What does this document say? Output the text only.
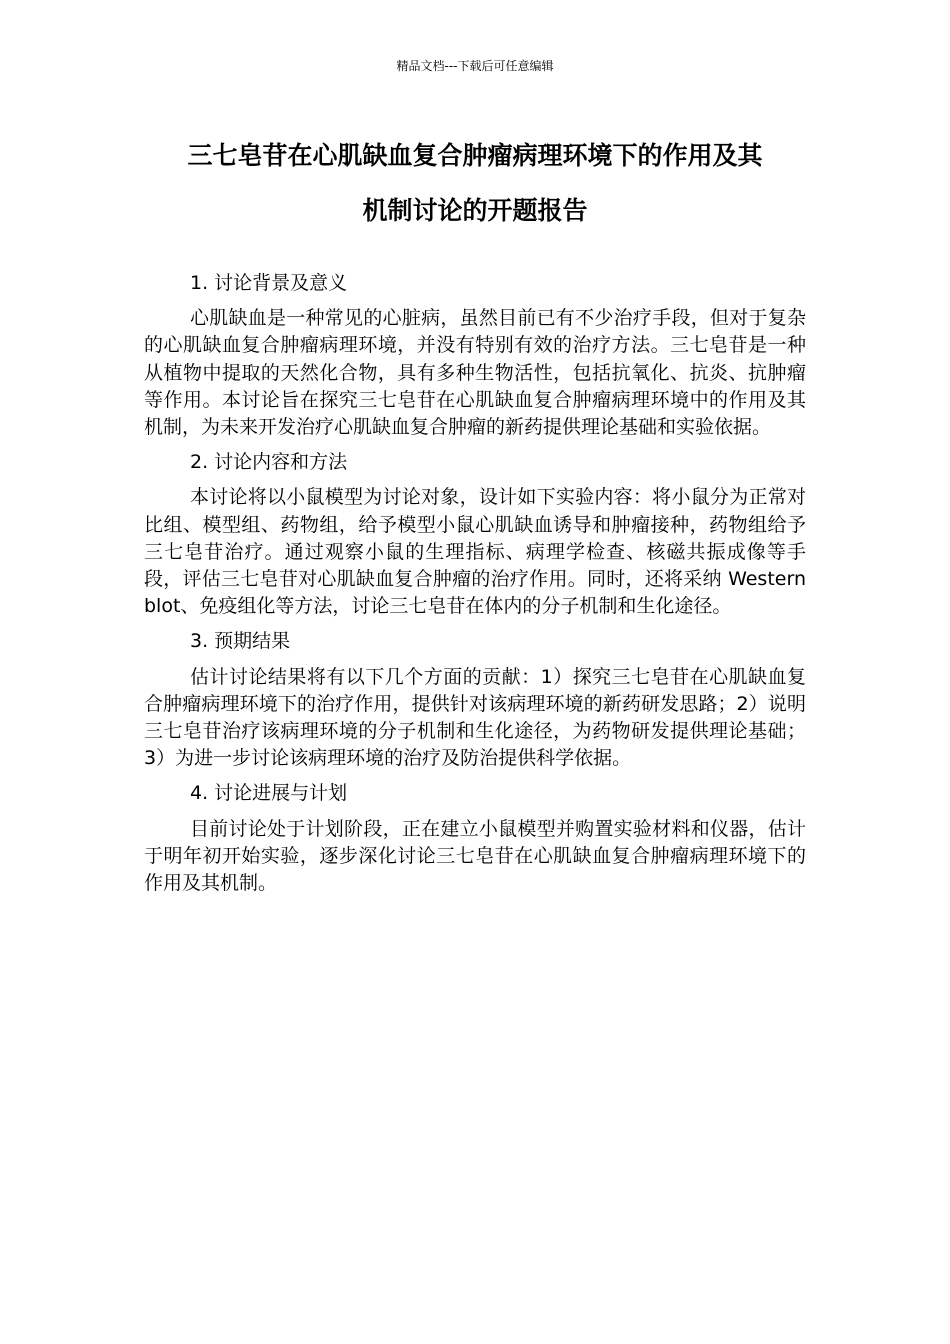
精品文档---下载后可任意编辑
三七皂苷在心肌缺血复合肿瘤病理环境下的作用及其
机制讨论的开题报告
1. 讨论背景及意义

心肌缺血是一种常见的心脏病，虽然目前已有不少治疗手段，但对于复杂的心肌缺血复合肿瘤病理环境，并没有特别有效的治疗方法。三七皂苷是一种从植物中提取的天然化合物，具有多种生物活性，包括抗氧化、抗炎、抗肿瘤等作用。本讨论旨在探究三七皂苷在心肌缺血复合肿瘤病理环境中的作用及其机制，为未来开发治疗心肌缺血复合肿瘤的新药提供理论基础和实验依据。

2. 讨论内容和方法

本讨论将以小鼠模型为讨论对象，设计如下实验内容：将小鼠分为正常对比组、模型组、药物组，给予模型小鼠心肌缺血诱导和肿瘤接种，药物组给予三七皂苷治疗。通过观察小鼠的生理指标、病理学检查、核磁共振成像等手段，评估三七皂苷对心肌缺血复合肿瘤的治疗作用。同时，还将采纳 Western blot、免疫组化等方法，讨论三七皂苷在体内的分子机制和生化途径。

3. 预期结果

估计讨论结果将有以下几个方面的贡献：1）探究三七皂苷在心肌缺血复合肿瘤病理环境下的治疗作用，提供针对该病理环境的新药研发思路；2）说明三七皂苷治疗该病理环境的分子机制和生化途径，为药物研发提供理论基础；3）为进一步讨论该病理环境的治疗及防治提供科学依据。

4. 讨论进展与计划

目前讨论处于计划阶段，正在建立小鼠模型并购置实验材料和仪器，估计于明年初开始实验，逐步深化讨论三七皂苷在心肌缺血复合肿瘤病理环境下的作用及其机制。
